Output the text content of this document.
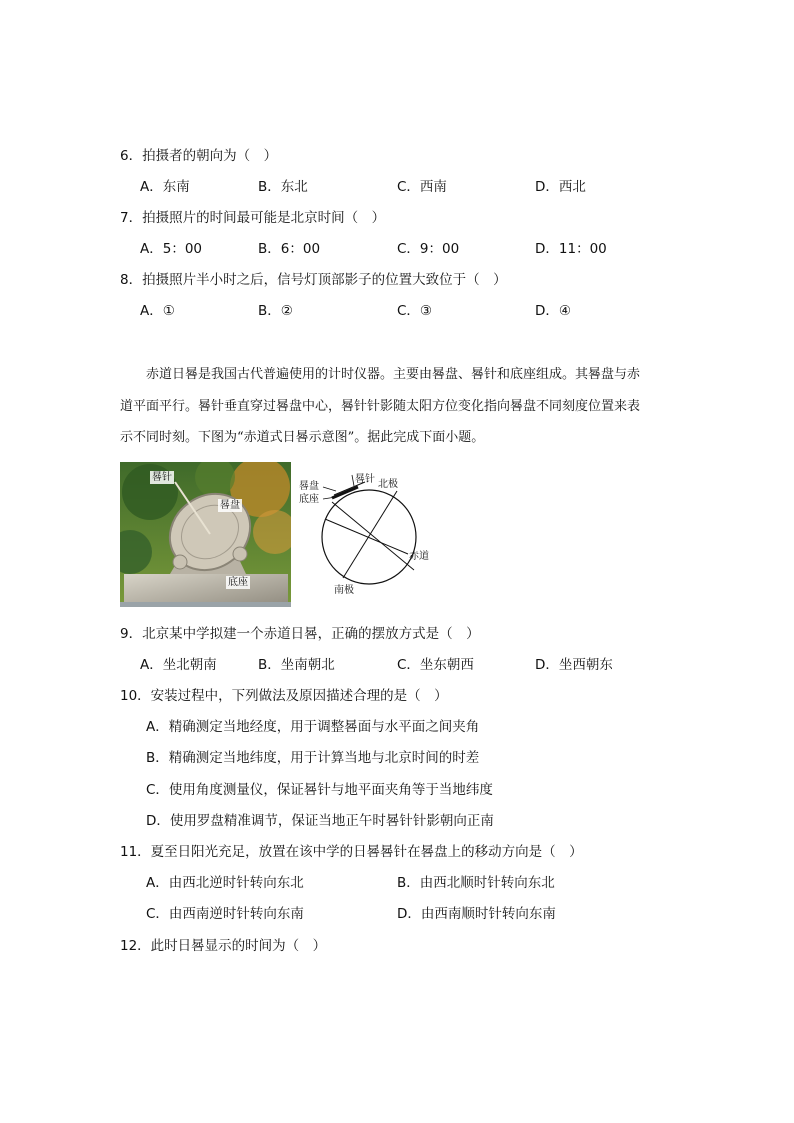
6．拍摄者的朝向为（　）
A．东南	B．东北	C．西南	D．西北
7．拍摄照片的时间最可能是北京时间（　）
A．5：00	B．6：00	C．9：00	D．11：00
8．拍摄照片半小时之后，信号灯顶部影子的位置大致位于（　）
A．①	B．②	C．③	D．④
赤道日晷是我国古代普遍使用的计时仪器。主要由晷盘、晷针和底座组成。其晷盘与赤
道平面平行。晷针垂直穿过晷盘中心，晷针针影随太阳方位变化指向晷盘不同刻度位置来表
示不同时刻。下图为“赤道式日晷示意图”。据此完成下面小题。
晷针
晷盘
底座
晷盘
底座
晷针 北极
赤道
南极
9．北京某中学拟建一个赤道日晷，正确的摆放方式是（　）
A．坐北朝南	B．坐南朝北	C．坐东朝西	D．坐西朝东
10．安装过程中，下列做法及原因描述合理的是（　）
A．精确测定当地经度，用于调整晷面与水平面之间夹角
B．精确测定当地纬度，用于计算当地与北京时间的时差
C．使用角度测量仪，保证晷针与地平面夹角等于当地纬度
D．使用罗盘精准调节，保证当地正午时晷针针影朝向正南
11．夏至日阳光充足，放置在该中学的日晷晷针在晷盘上的移动方向是（　）
A．由西北逆时针转向东北	B．由西北顺时针转向东北
C．由西南逆时针转向东南	D．由西南顺时针转向东南
12．此时日晷显示的时间为（　）
